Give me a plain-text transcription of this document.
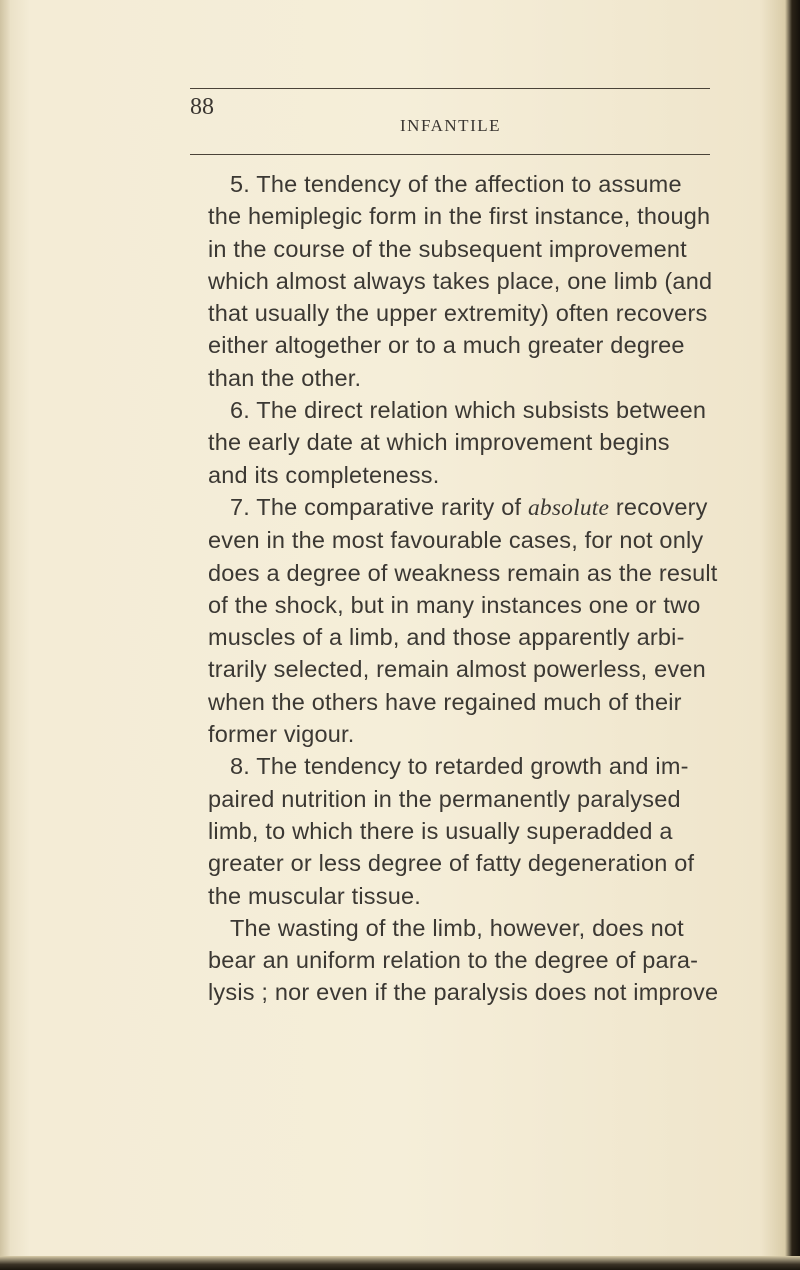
88
INFANTILE

5. The tendency of the affection to assume
the hemiplegic form in the first instance, though
in the course of the subsequent improvement
which almost always takes place, one limb (and
that usually the upper extremity) often recovers
either altogether or to a much greater degree
than the other.

6. The direct relation which subsists between
the early date at which improvement begins
and its completeness.

7. The comparative rarity of absolute recovery
even in the most favourable cases, for not only
does a degree of weakness remain as the result
of the shock, but in many instances one or two
muscles of a limb, and those apparently arbi-
trarily selected, remain almost powerless, even
when the others have regained much of their
former vigour.

8. The tendency to retarded growth and im-
paired nutrition in the permanently paralysed
limb, to which there is usually superadded a
greater or less degree of fatty degeneration of
the muscular tissue.

The wasting of the limb, however, does not
bear an uniform relation to the degree of para-
lysis ; nor even if the paralysis does not improve
